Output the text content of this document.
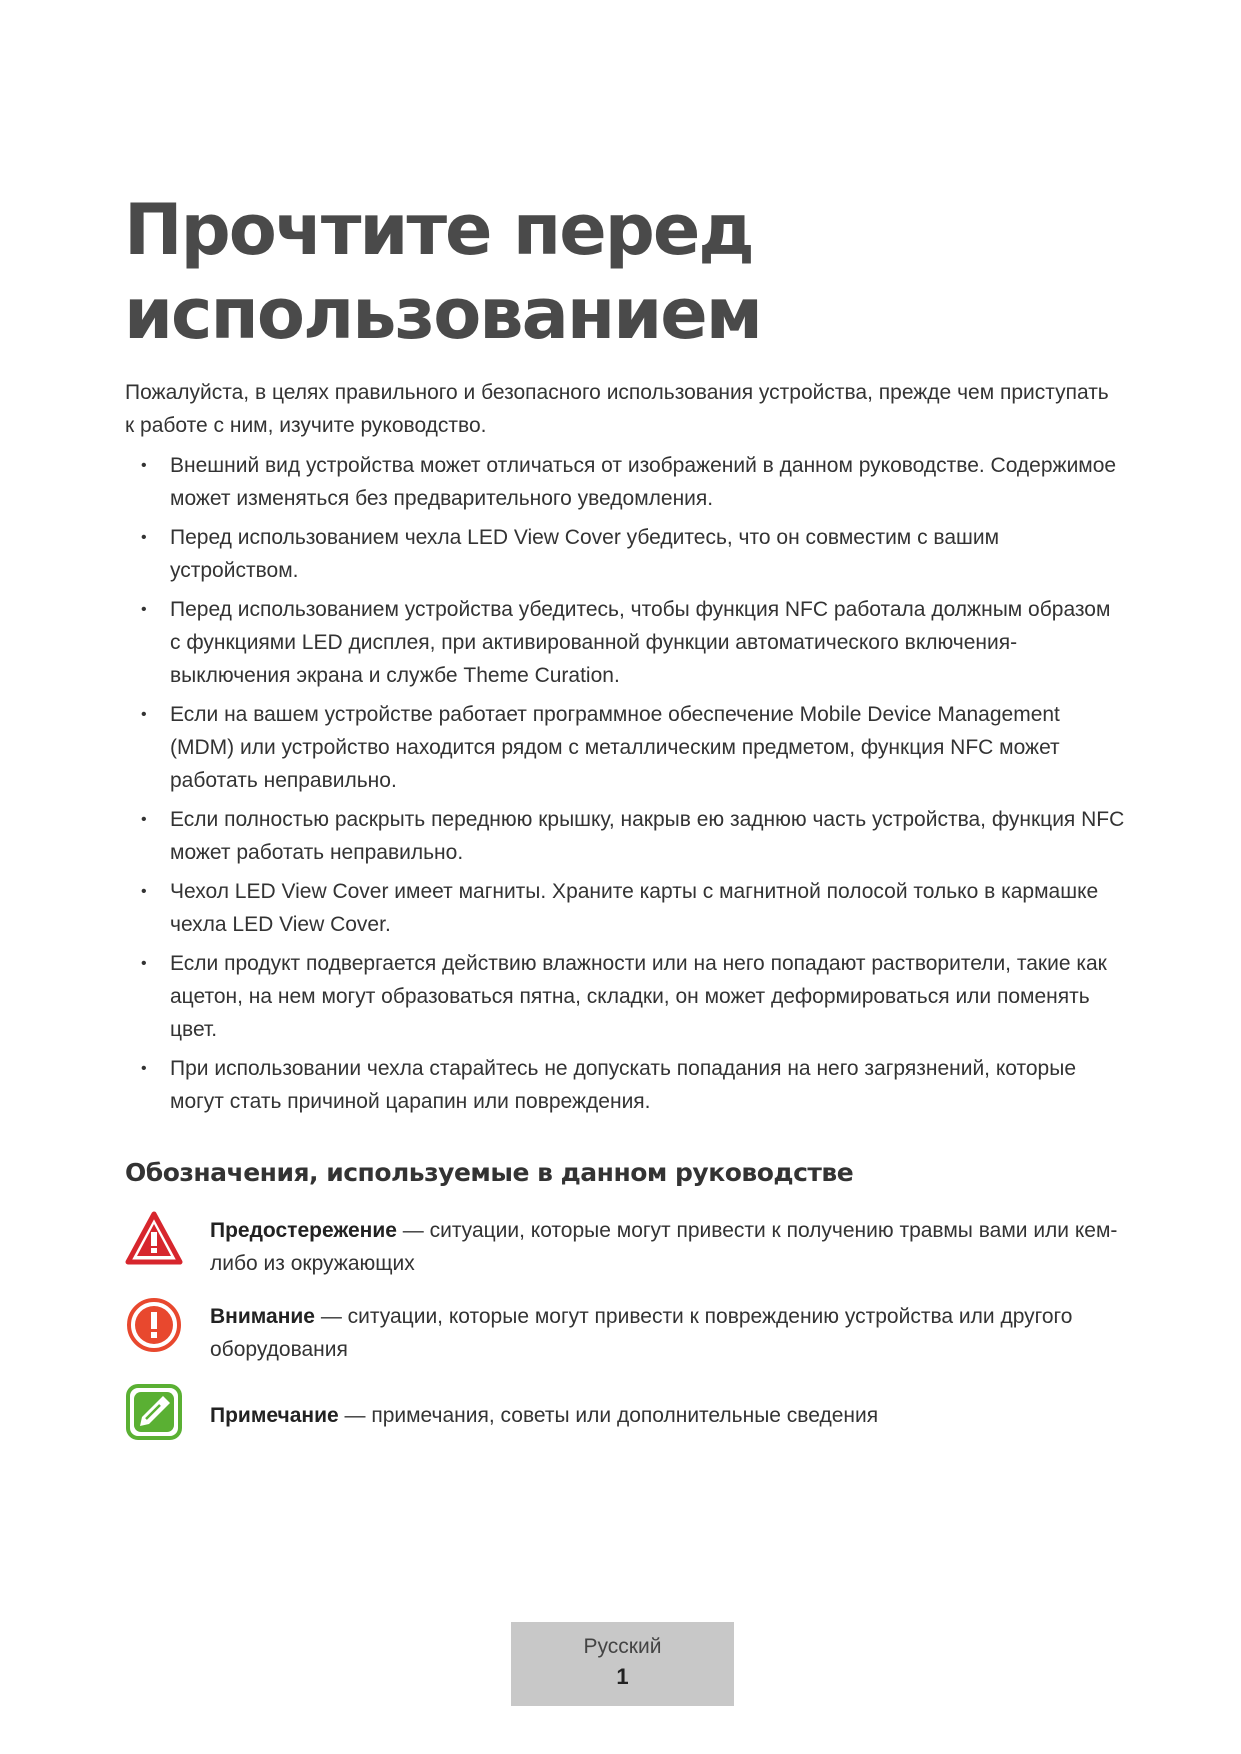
Прочтите перед
использованием

Пожалуйста, в целях правильного и безопасного использования устройства, прежде чем приступать к работе с ним, изучите руководство.

• Внешний вид устройства может отличаться от изображений в данном руководстве. Содержимое может изменяться без предварительного уведомления.
• Перед использованием чехла LED View Cover убедитесь, что он совместим с вашим устройством.
• Перед использованием устройства убедитесь, чтобы функция NFC работала должным образом с функциями LED дисплея, при активированной функции автоматического включения-выключения экрана и службе Theme Curation.
• Если на вашем устройстве работает программное обеспечение Mobile Device Management (MDM) или устройство находится рядом с металлическим предметом, функция NFC может работать неправильно.
• Если полностью раскрыть переднюю крышку, накрыв ею заднюю часть устройства, функция NFC может работать неправильно.
• Чехол LED View Cover имеет магниты. Храните карты с магнитной полосой только в кармашке чехла LED View Cover.
• Если продукт подвергается действию влажности или на него попадают растворители, такие как ацетон, на нем могут образоваться пятна, складки, он может деформироваться или поменять цвет.
• При использовании чехла старайтесь не допускать попадания на него загрязнений, которые могут стать причиной царапин или повреждения.
Обозначения, используемые в данном руководстве
Предостережение — ситуации, которые могут привести к получению травмы вами или кем-либо из окружающих
Внимание — ситуации, которые могут привести к повреждению устройства или другого оборудования
Примечание — примечания, советы или дополнительные сведения
Русский
1
